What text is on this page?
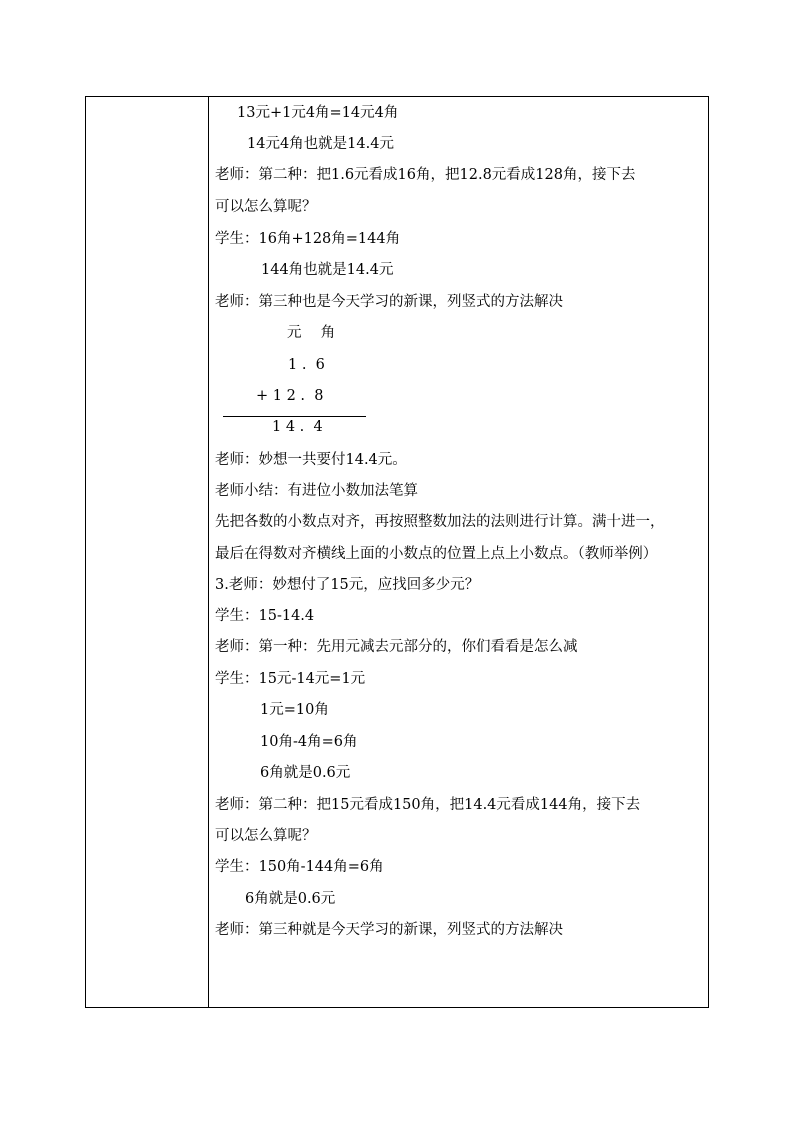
13元+1元4角=14元4角
14元4角也就是14.4元
老师：第二种：把1.6元看成16角，把12.8元看成128角，接下去
可以怎么算呢？
学生：16角+128角=144角
144角也就是14.4元
老师：第三种也是今天学习的新课，列竖式的方法解决
元　 角
1 .  6
+ 1 2 .  8
1 4 .  4
老师：妙想一共要付14.4元。
老师小结：有进位小数加法笔算
先把各数的小数点对齐，再按照整数加法的法则进行计算。满十进一，
最后在得数对齐横线上面的小数点的位置上点上小数点。（教师举例）
3.老师：妙想付了15元，应找回多少元？
学生：15-14.4
老师：第一种：先用元减去元部分的，你们看看是怎么减
学生：15元-14元=1元
1元=10角
10角-4角=6角
6角就是0.6元
老师：第二种：把15元看成150角，把14.4元看成144角，接下去
可以怎么算呢？
学生：150角-144角=6角
6角就是0.6元
老师：第三种就是今天学习的新课，列竖式的方法解决
